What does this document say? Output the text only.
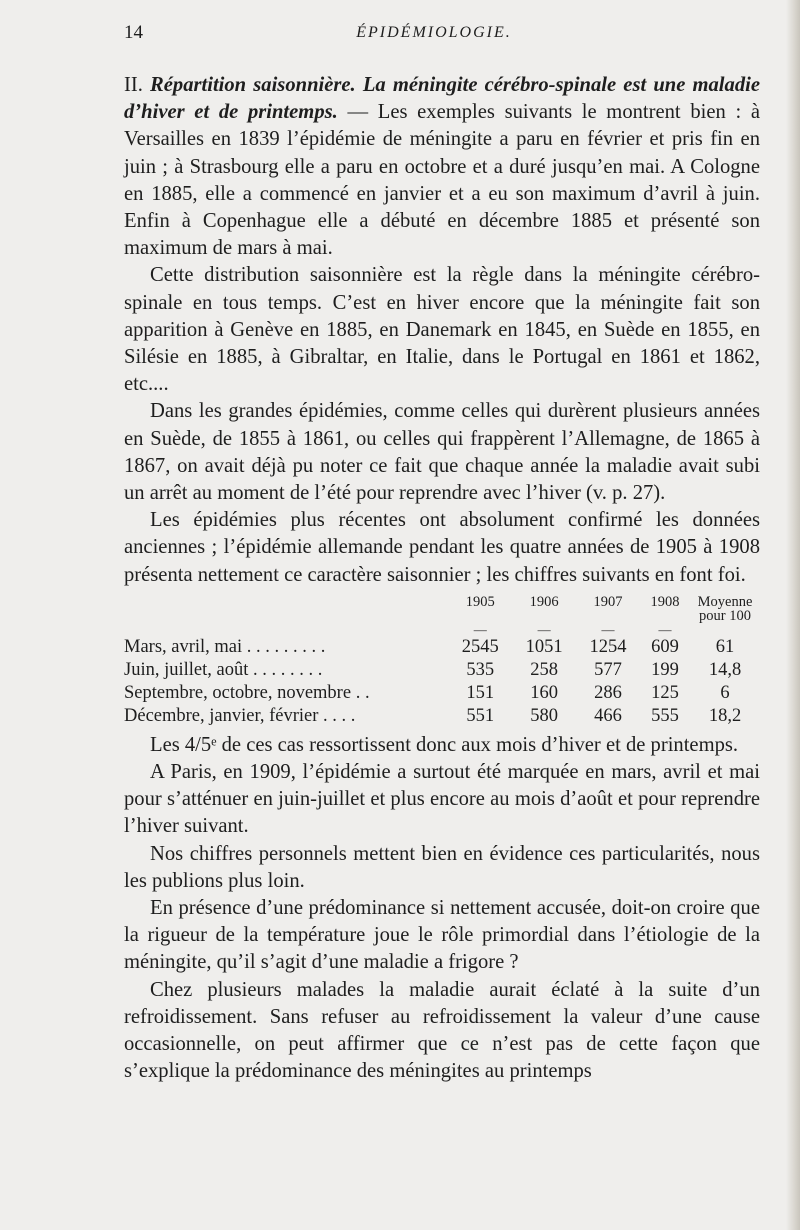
14	ÉPIDÉMIOLOGIE.

II. Répartition saisonnière. La méningite cérébro-spinale est une maladie d’hiver et de printemps. — Les exemples suivants le montrent bien : à Versailles en 1839 l’épidémie de méningite a paru en février et pris fin en juin ; à Strasbourg elle a paru en octobre et a duré jusqu’en mai. A Cologne en 1885, elle a commencé en janvier et a eu son maximum d’avril à juin. Enfin à Copenhague elle a débuté en décembre 1885 et présenté son maximum de mars à mai.

Cette distribution saisonnière est la règle dans la méningite cérébro-spinale en tous temps. C’est en hiver encore que la méningite fait son apparition à Genève en 1885, en Danemark en 1845, en Suède en 1855, en Silésie en 1885, à Gibraltar, en Italie, dans le Portugal en 1861 et 1862, etc....

Dans les grandes épidémies, comme celles qui durèrent plusieurs années en Suède, de 1855 à 1861, ou celles qui frappèrent l’Allemagne, de 1865 à 1867, on avait déjà pu noter ce fait que chaque année la maladie avait subi un arrêt au moment de l’été pour reprendre avec l’hiver (v. p. 27).

Les épidémies plus récentes ont absolument confirmé les données anciennes ; l’épidémie allemande pendant les quatre années de 1905 à 1908 présenta nettement ce caractère saisonnier ; les chiffres suivants en font foi.

	1905	1906	1907	1908	Moyenne pour 100
	—	—	—	—	
Mars, avril, mai . . . . . . . . .	2545	1051	1254	609	61
Juin, juillet, août . . . . . . . .	535	258	577	199	14,8
Septembre, octobre, novembre . .	151	160	286	125	6
Décembre, janvier, février . . . .	551	580	466	555	18,2

Les 4/5ᵉ de ces cas ressortissent donc aux mois d’hiver et de printemps.

A Paris, en 1909, l’épidémie a surtout été marquée en mars, avril et mai pour s’atténuer en juin-juillet et plus encore au mois d’août et pour reprendre l’hiver suivant.

Nos chiffres personnels mettent bien en évidence ces particularités, nous les publions plus loin.

En présence d’une prédominance si nettement accusée, doit-on croire que la rigueur de la température joue le rôle primordial dans l’étiologie de la méningite, qu’il s’agit d’une maladie a frigore ?

Chez plusieurs malades la maladie aurait éclaté à la suite d’un refroidissement. Sans refuser au refroidissement la valeur d’une cause occasionnelle, on peut affirmer que ce n’est pas de cette façon que s’explique la prédominance des méningites au printemps
